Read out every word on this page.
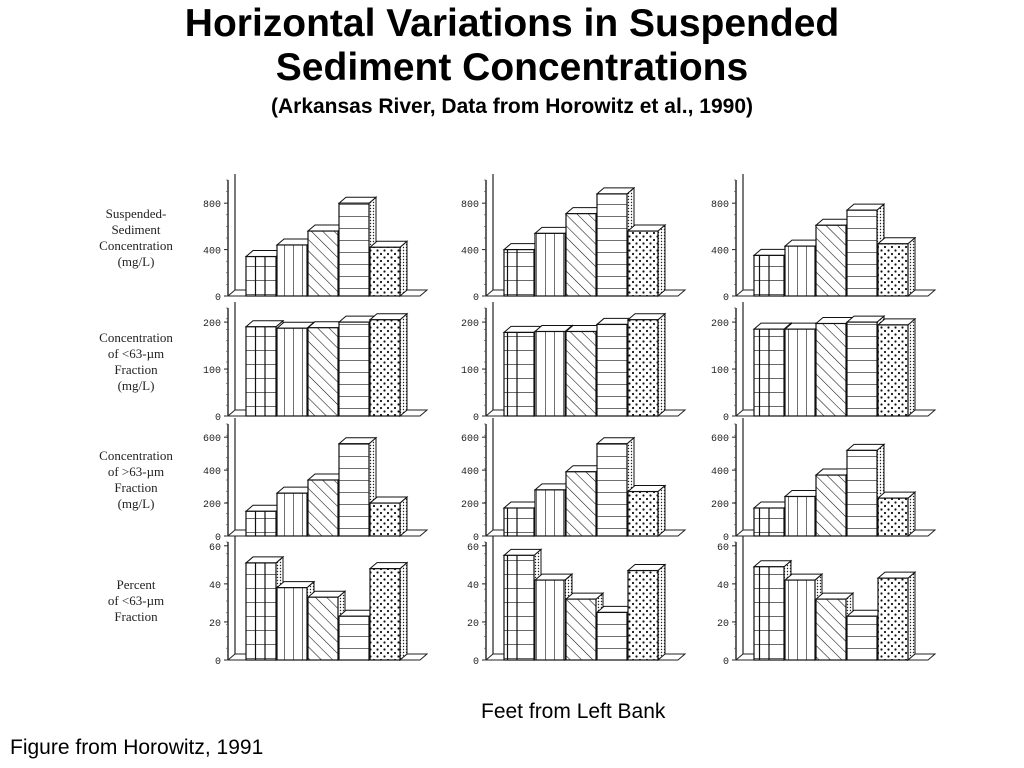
Horizontal Variations in Suspended
Sediment Concentrations
(Arkansas River, Data from Horowitz et al., 1990)
Suspended-Sediment Concentration (mg/L)
Concentration of <63-µm Fraction (mg/L)
Concentration of >63-µm Fraction (mg/L)
Percent of <63-µm Fraction
0
400
800
0
400
800
0
400
800
0
100
200
0
100
200
0
100
200
0
200
400
600
0
200
400
600
0
200
400
600
0
20
40
60
0
20
40
60
0
20
40
60
Feet from Left Bank
Figure from Horowitz, 1991
